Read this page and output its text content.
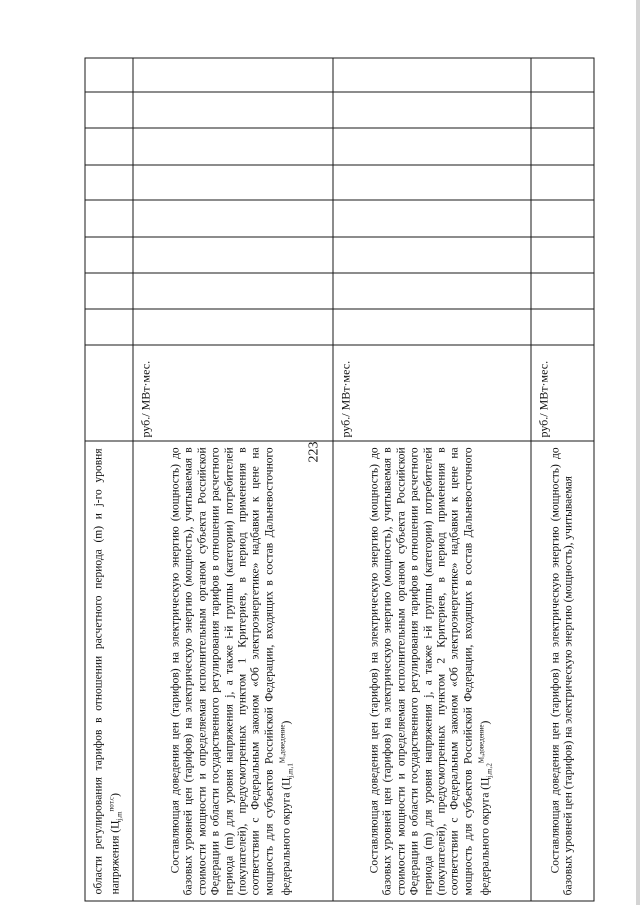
223
области регулирования тарифов в отношении расчетного периода (m) и j-го уровня напряжения $(Ц_{j,m}^{пот.с})$	Составляющая доведения цен (тарифов) на электрическую энергию (мощность) до базовых уровней цен (тарифов) на электрическую энергию (мощность), учитываемая в стоимости мощности и определяемая исполнительным органом субъекта Российской Федерации в области государственного регулирования тарифов в отношении расчетного периода (m) для уровня напряжения j, а также i-й группы (категории) потребителей (покупателей), предусмотренных пунктом 1 Критериев, в период применения в соответствии с Федеральным законом «Об электроэнергетике» надбавки к цене на мощность для субъектов Российской Федерации, входящих в состав Дальневосточного федерального округа $(Ц_{j,m,1}^{M,доведение})$
руб./ МВт·мес.
Составляющая доведения цен (тарифов) на электрическую энергию (мощность) до базовых уровней цен (тарифов) на электрическую энергию (мощность), учитываемая в стоимости мощности и определяемая исполнительным органом субъекта Российской Федерации в области государственного регулирования тарифов в отношении расчетного периода (m) для уровня напряжения j, а также i-й группы (категории) потребителей (покупателей), предусмотренных пунктом 2 Критериев, в период применения в соответствии с Федеральным законом «Об электроэнергетике» надбавки к цене на мощность для субъектов Российской Федерации, входящих в состав Дальневосточного федерального округа $(Ц_{j,m,2}^{M,доведение})$
руб./ МВт·мес.
Составляющая доведения цен (тарифов) на электрическую энергию (мощность) до базовых уровней цен (тарифов) на электрическую энергию (мощность), учитываемая
руб./ МВт·мес.
